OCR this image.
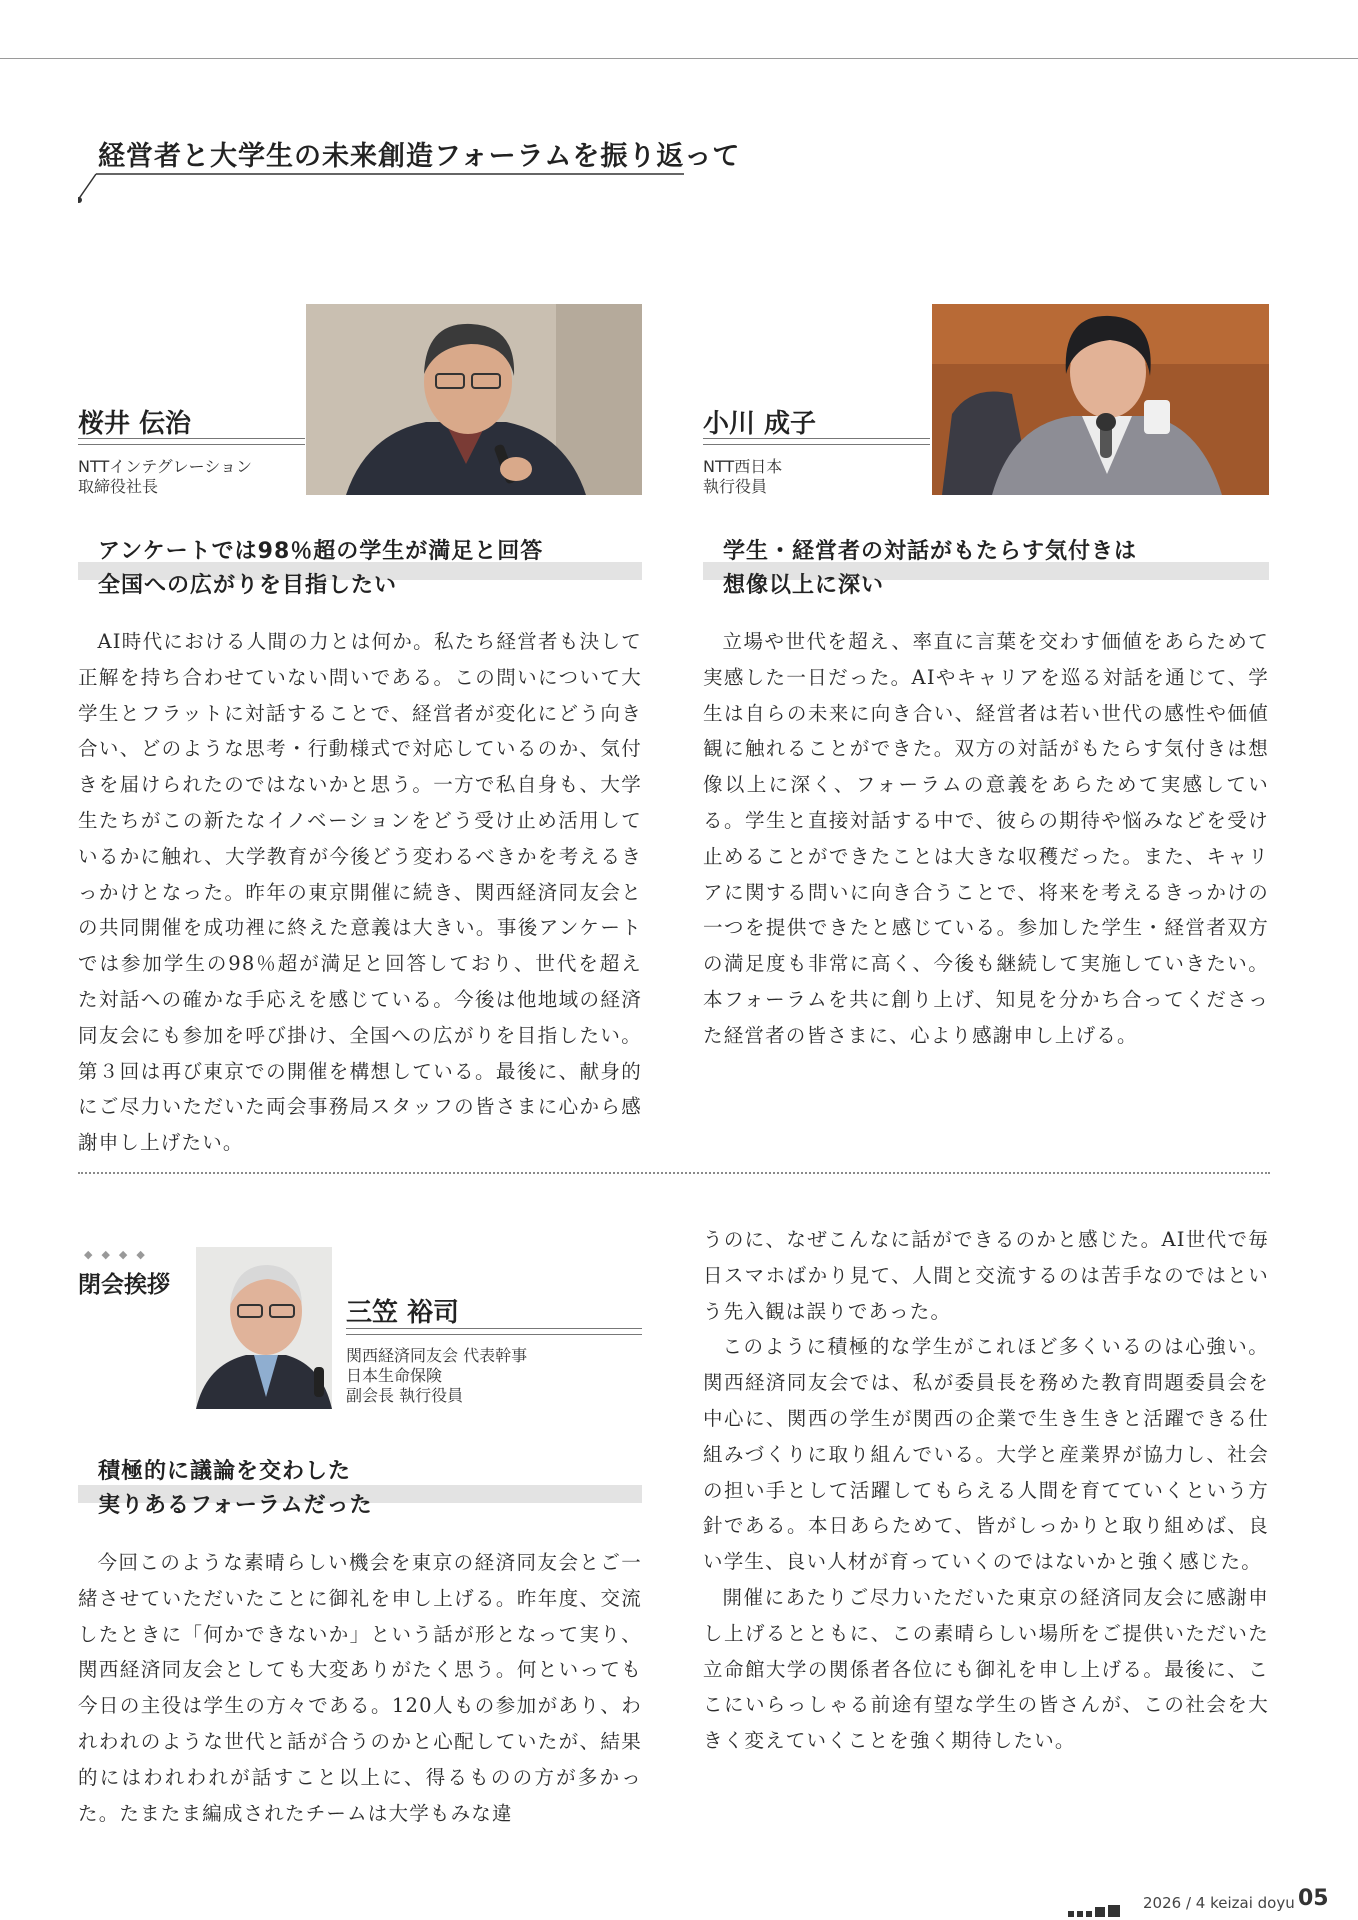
経営者と大学生の未来創造フォーラムを振り返って
桜井 伝治
NTTインテグレーション
取締役社長
小川 成子
NTT西日本
執行役員
アンケートでは98％超の学生が満足と回答
全国への広がりを目指したい

AI時代における人間の力とは何か。私たち経営者も決して正解を持ち合わせていない問いである。この問いについて大学生とフラットに対話することで、経営者が変化にどう向き合い、どのような思考・行動様式で対応しているのか、気付きを届けられたのではないかと思う。一方で私自身も、大学生たちがこの新たなイノベーションをどう受け止め活用しているかに触れ、大学教育が今後どう変わるべきかを考えるきっかけとなった。昨年の東京開催に続き、関西経済同友会との共同開催を成功裡に終えた意義は大きい。事後アンケートでは参加学生の98％超が満足と回答しており、世代を超えた対話への確かな手応えを感じている。今後は他地域の経済同友会にも参加を呼び掛け、全国への広がりを目指したい。第３回は再び東京での開催を構想している。最後に、献身的にご尽力いただいた両会事務局スタッフの皆さまに心から感謝申し上げたい。

学生・経営者の対話がもたらす気付きは
想像以上に深い

立場や世代を超え、率直に言葉を交わす価値をあらためて実感した一日だった。AIやキャリアを巡る対話を通じて、学生は自らの未来に向き合い、経営者は若い世代の感性や価値観に触れることができた。双方の対話がもたらす気付きは想像以上に深く、フォーラムの意義をあらためて実感している。学生と直接対話する中で、彼らの期待や悩みなどを受け止めることができたことは大きな収穫だった。また、キャリアに関する問いに向き合うことで、将来を考えるきっかけの一つを提供できたと感じている。参加した学生・経営者双方の満足度も非常に高く、今後も継続して実施していきたい。本フォーラムを共に創り上げ、知見を分かち合ってくださった経営者の皆さまに、心より感謝申し上げる。

◆◆◆◆
閉会挨拶
三笠 裕司
関西経済同友会 代表幹事
日本生命保険
副会長 執行役員
積極的に議論を交わした
実りあるフォーラムだった

今回このような素晴らしい機会を東京の経済同友会とご一緒させていただいたことに御礼を申し上げる。昨年度、交流したときに「何かできないか」という話が形となって実り、関西経済同友会としても大変ありがたく思う。何といっても今日の主役は学生の方々である。120人もの参加があり、われわれのような世代と話が合うのかと心配していたが、結果的にはわれわれが話すこと以上に、得るものの方が多かった。たまたま編成されたチームは大学もみな違

うのに、なぜこんなに話ができるのかと感じた。AI世代で毎日スマホばかり見て、人間と交流するのは苦手なのではという先入観は誤りであった。

このように積極的な学生がこれほど多くいるのは心強い。関西経済同友会では、私が委員長を務めた教育問題委員会を中心に、関西の学生が関西の企業で生き生きと活躍できる仕組みづくりに取り組んでいる。大学と産業界が協力し、社会の担い手として活躍してもらえる人間を育てていくという方針である。本日あらためて、皆がしっかりと取り組めば、良い学生、良い人材が育っていくのではないかと強く感じた。

開催にあたりご尽力いただいた東京の経済同友会に感謝申し上げるとともに、この素晴らしい場所をご提供いただいた立命館大学の関係者各位にも御礼を申し上げる。最後に、ここにいらっしゃる前途有望な学生の皆さんが、この社会を大きく変えていくことを強く期待したい。

2026 / 4 keizai doyu 05
